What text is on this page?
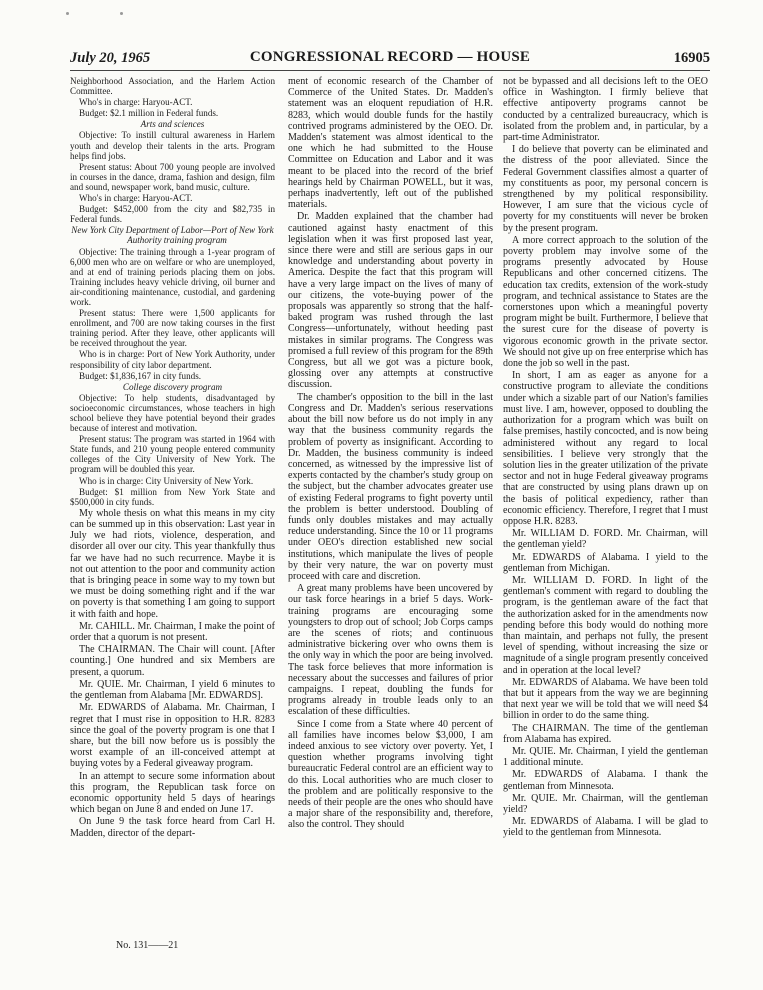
July 20, 1965	CONGRESSIONAL RECORD — HOUSE	16905

Neighborhood Association, and the Harlem Action Committee.

Who's in charge: Haryou-ACT.

Budget: $2.1 million in Federal funds.

Arts and sciences

Objective: To instill cultural awareness in Harlem youth and develop their talents in the arts. Program helps find jobs.

Present status: About 700 young people are involved in courses in the dance, drama, fashion and design, film and sound, newspaper work, band music, culture.

Who's in charge: Haryou-ACT.

Budget: $452,000 from the city and $82,735 in Federal funds.

New York City Department of Labor—Port of New York Authority training program

Objective: The training through a 1-year program of 6,000 men who are on welfare or who are unemployed, and at end of training periods placing them on jobs. Training includes heavy vehicle driving, oil burner and air-conditioning maintenance, custodial, and gardening work.

Present status: There were 1,500 applicants for enrollment, and 700 are now taking courses in the first training period. After they leave, other applicants will be received throughout the year.

Who is in charge: Port of New York Authority, under responsibility of city labor department.

Budget: $1,836,167 in city funds.

College discovery program

Objective: To help students, disadvantaged by socioeconomic circumstances, whose teachers in high school believe they have potential beyond their grades because of interest and motivation.

Present status: The program was started in 1964 with State funds, and 210 young people entered community colleges of the City University of New York. The program will be doubled this year.

Who is in charge: City University of New York.

Budget: $1 million from New York State and $500,000 in city funds.

My whole thesis on what this means in my city can be summed up in this observation: Last year in July we had riots, violence, desperation, and disorder all over our city. This year thankfully thus far we have had no such recurrence. Maybe it is not out attention to the poor and community action that is bringing peace in some way to my town but we must be doing something right and if the war on poverty is that something I am going to support it with faith and hope.

Mr. CAHILL. Mr. Chairman, I make the point of order that a quorum is not present.

The CHAIRMAN. The Chair will count. [After counting.] One hundred and six Members are present, a quorum.

Mr. QUIE. Mr. Chairman, I yield 6 minutes to the gentleman from Alabama [Mr. EDWARDS].

Mr. EDWARDS of Alabama. Mr. Chairman, I regret that I must rise in opposition to H.R. 8283 since the goal of the poverty program is one that I share, but the bill now before us is possibly the worst example of an ill-conceived attempt at buying votes by a Federal giveaway program.

In an attempt to secure some information about this program, the Republican task force on economic opportunity held 5 days of hearings which began on June 8 and ended on June 17.

On June 9 the task force heard from Carl H. Madden, director of the depart-

ment of economic research of the Chamber of Commerce of the United States. Dr. Madden's statement was an eloquent repudiation of H.R. 8283, which would double funds for the hastily contrived programs administered by the OEO. Dr. Madden's statement was almost identical to the one which he had submitted to the House Committee on Education and Labor and it was meant to be placed into the record of the brief hearings held by Chairman POWELL, but it was, perhaps inadvertently, left out of the published materials.

Dr. Madden explained that the chamber had cautioned against hasty enactment of this legislation when it was first proposed last year, since there were and still are serious gaps in our knowledge and understanding about poverty in America. Despite the fact that this program will have a very large impact on the lives of many of our citizens, the vote-buying power of the proposals was apparently so strong that the half-baked program was rushed through the last Congress—unfortunately, without heeding past mistakes in similar programs. The Congress was promised a full review of this program for the 89th Congress, but all we got was a picture book, glossing over any attempts at constructive discussion.

The chamber's opposition to the bill in the last Congress and Dr. Madden's serious reservations about the bill now before us do not imply in any way that the business community regards the problem of poverty as insignificant. According to Dr. Madden, the business community is indeed concerned, as witnessed by the impressive list of experts contacted by the chamber's study group on the subject, but the chamber advocates greater use of existing Federal programs to fight poverty until the problem is better understood. Doubling of funds only doubles mistakes and may actually reduce understanding. Since the 10 or 11 programs under OEO's direction established new social institutions, which manipulate the lives of people by their very nature, the war on poverty must proceed with care and discretion.

A great many problems have been uncovered by our task force hearings in a brief 5 days. Work-training programs are encouraging some youngsters to drop out of school; Job Corps camps are the scenes of riots; and continuous administrative bickering over who owns them is the only way in which the poor are being involved. The task force believes that more information is necessary about the successes and failures of prior campaigns. I repeat, doubling the funds for programs already in trouble leads only to an escalation of these difficulties.

Since I come from a State where 40 percent of all families have incomes below $3,000, I am indeed anxious to see victory over poverty. Yet, I question whether programs involving tight bureaucratic Federal control are an efficient way to do this. Local authorities who are much closer to the problem and are politically responsive to the needs of their people are the ones who should have a major share of the responsibility and, therefore, also the control. They should

not be bypassed and all decisions left to the OEO office in Washington. I firmly believe that effective antipoverty programs cannot be conducted by a centralized bureaucracy, which is isolated from the problem and, in particular, by a part-time Administrator.

I do believe that poverty can be eliminated and the distress of the poor alleviated. Since the Federal Government classifies almost a quarter of my constituents as poor, my personal concern is strengthened by my political responsibility. However, I am sure that the vicious cycle of poverty for my constituents will never be broken by the present program.

A more correct approach to the solution of the poverty problem may involve some of the programs presently advocated by House Republicans and other concerned citizens. The education tax credits, extension of the work-study program, and technical assistance to States are the cornerstones upon which a meaningful poverty program might be built. Furthermore, I believe that the surest cure for the disease of poverty is vigorous economic growth in the private sector. We should not give up on free enterprise which has done the job so well in the past.

In short, I am as eager as anyone for a constructive program to alleviate the conditions under which a sizable part of our Nation's families must live. I am, however, opposed to doubling the authorization for a program which was built on false premises, hastily concocted, and is now being administered without any regard to local sensibilities. I believe very strongly that the solution lies in the greater utilization of the private sector and not in huge Federal giveaway programs that are constructed by using plans drawn up on the basis of political expediency, rather than economic efficiency. Therefore, I regret that I must oppose H.R. 8283.

Mr. WILLIAM D. FORD. Mr. Chairman, will the gentleman yield?

Mr. EDWARDS of Alabama. I yield to the gentleman from Michigan.

Mr. WILLIAM D. FORD. In light of the gentleman's comment with regard to doubling the program, is the gentleman aware of the fact that the authorization asked for in the amendments now pending before this body would do nothing more than maintain, and perhaps not fully, the present level of spending, without increasing the size or magnitude of a single program presently conceived and in operation at the local level?

Mr. EDWARDS of Alabama. We have been told that but it appears from the way we are beginning that next year we will be told that we will need $4 billion in order to do the same thing.

The CHAIRMAN. The time of the gentleman from Alabama has expired.

Mr. QUIE. Mr. Chairman, I yield the gentleman 1 additional minute.

Mr. EDWARDS of Alabama. I thank the gentleman from Minnesota.

Mr. QUIE. Mr. Chairman, will the gentleman yield?

Mr. EDWARDS of Alabama. I will be glad to yield to the gentleman from Minnesota.

No. 131——21
